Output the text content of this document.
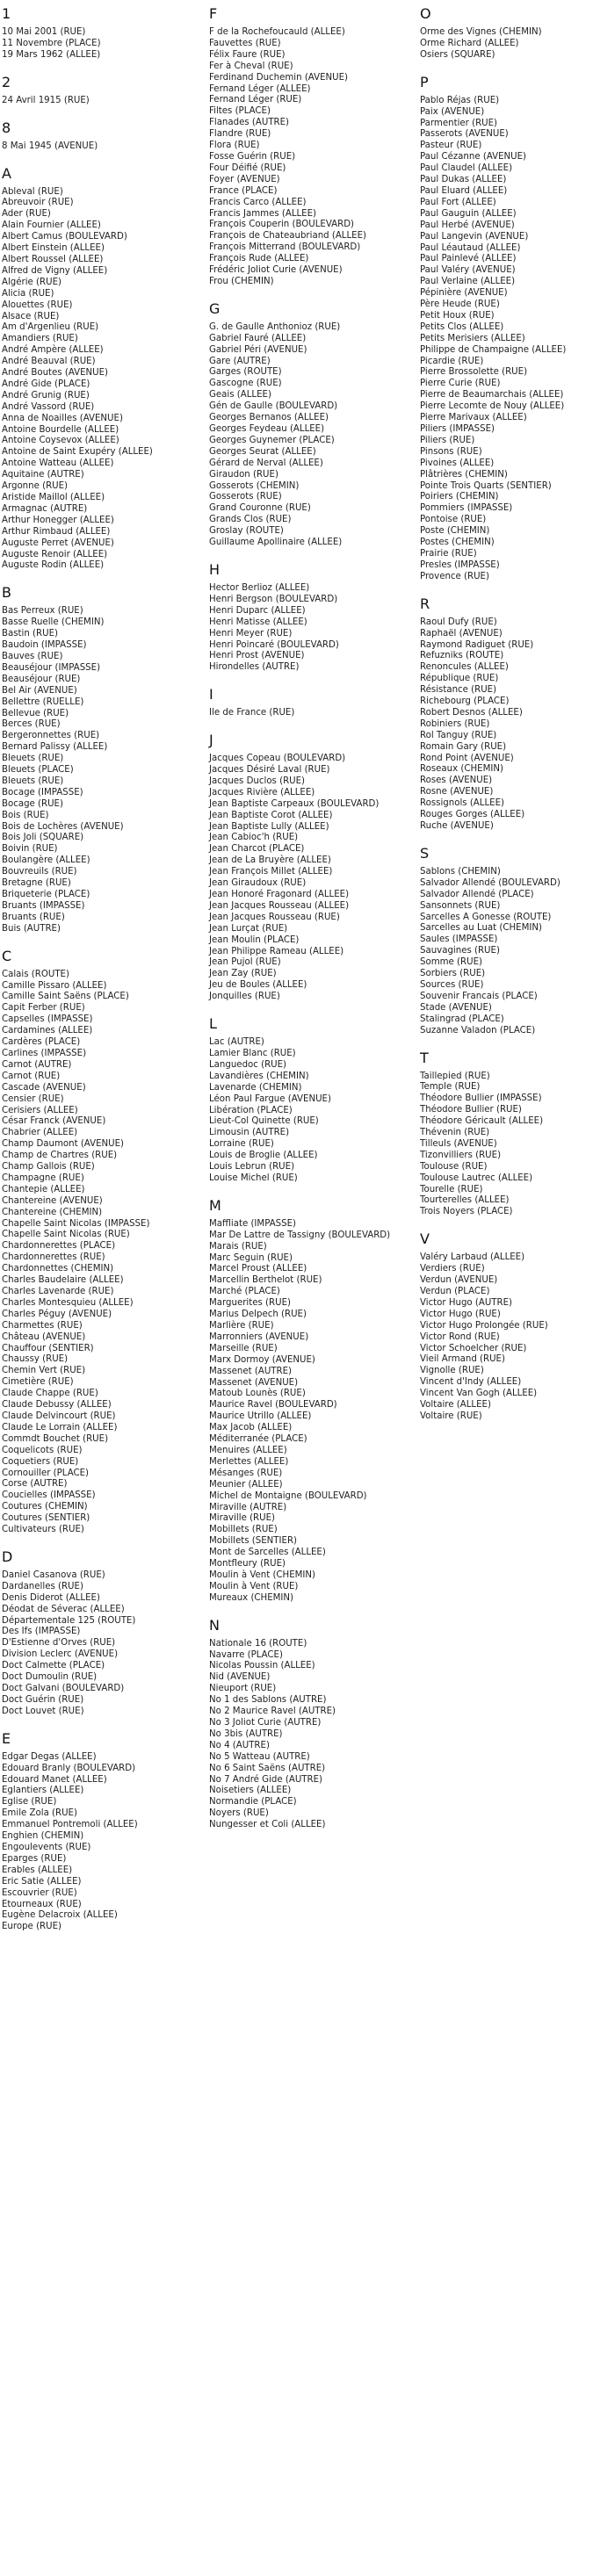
1
10 Mai 2001 (RUE)
11 Novembre (PLACE)
19 Mars 1962 (ALLEE)
2
24 Avril 1915 (RUE)
8
8 Mai 1945 (AVENUE)
A
Ableval (RUE)
Abreuvoir (RUE)
Ader (RUE)
Alain Fournier (ALLEE)
Albert Camus (BOULEVARD)
Albert Einstein (ALLEE)
Albert Roussel (ALLEE)
Alfred de Vigny (ALLEE)
Algérie (RUE)
Alicia (RUE)
Alouettes (RUE)
Alsace (RUE)
Am d'Argenlieu (RUE)
Amandiers (RUE)
André Ampère (ALLEE)
André Beauval (RUE)
André Boutes (AVENUE)
André Gide (PLACE)
André Grunig (RUE)
André Vassord (RUE)
Anna de Noailles (AVENUE)
Antoine Bourdelle (ALLEE)
Antoine Coysevox (ALLEE)
Antoine de Saint Exupéry (ALLEE)
Antoine Watteau (ALLEE)
Aquitaine (AUTRE)
Argonne (RUE)
Aristide Maillol (ALLEE)
Armagnac (AUTRE)
Arthur Honegger (ALLEE)
Arthur Rimbaud (ALLEE)
Auguste Perret (AVENUE)
Auguste Renoir (ALLEE)
Auguste Rodin (ALLEE)
B
Bas Perreux (RUE)
Basse Ruelle (CHEMIN)
Bastin (RUE)
Baudoin (IMPASSE)
Bauves (RUE)
Beauséjour (IMPASSE)
Beauséjour (RUE)
Bel Air (AVENUE)
Bellettre (RUELLE)
Bellevue (RUE)
Berces (RUE)
Bergeronnettes (RUE)
Bernard Palissy (ALLEE)
Bleuets (RUE)
Bleuets (PLACE)
Bleuets (RUE)
Bocage (IMPASSE)
Bocage (RUE)
Bois (RUE)
Bois de Lochères (AVENUE)
Bois Joli (SQUARE)
Boivin (RUE)
Boulangère (ALLEE)
Bouvreuils (RUE)
Bretagne (RUE)
Briqueterie (PLACE)
Bruants (IMPASSE)
Bruants (RUE)
Buis (AUTRE)
C
Calais (ROUTE)
Camille Pissaro (ALLEE)
Camille Saint Saëns (PLACE)
Capit Ferber (RUE)
Capselles (IMPASSE)
Cardamines (ALLEE)
Cardères (PLACE)
Carlines (IMPASSE)
Carnot (AUTRE)
Carnot (RUE)
Cascade (AVENUE)
Censier (RUE)
Cerisiers (ALLEE)
César Franck (AVENUE)
Chabrier (ALLEE)
Champ Daumont (AVENUE)
Champ de Chartres (RUE)
Champ Gallois (RUE)
Champagne (RUE)
Chantepie (ALLEE)
Chantereine (AVENUE)
Chantereine (CHEMIN)
Chapelle Saint Nicolas (IMPASSE)
Chapelle Saint Nicolas (RUE)
Chardonnerettes (PLACE)
Chardonnerettes (RUE)
Chardonnettes (CHEMIN)
Charles Baudelaire (ALLEE)
Charles Lavenarde (RUE)
Charles Montesquieu (ALLEE)
Charles Péguy (AVENUE)
Charmettes (RUE)
Château (AVENUE)
Chauffour (SENTIER)
Chaussy (RUE)
Chemin Vert (RUE)
Cimetière (RUE)
Claude Chappe (RUE)
Claude Debussy (ALLEE)
Claude Delvincourt (RUE)
Claude Le Lorrain (ALLEE)
Commdt Bouchet (RUE)
Coquelicots (RUE)
Coquetiers (RUE)
Cornouiller (PLACE)
Corse (AUTRE)
Coucielles (IMPASSE)
Coutures (CHEMIN)
Coutures (SENTIER)
Cultivateurs (RUE)
D
Daniel Casanova (RUE)
Dardanelles (RUE)
Denis Diderot (ALLEE)
Déodat de Séverac (ALLEE)
Départementale 125 (ROUTE)
Des Ifs (IMPASSE)
D'Estienne d'Orves (RUE)
Division Leclerc (AVENUE)
Doct Calmette (PLACE)
Doct Dumoulin (RUE)
Doct Galvani (BOULEVARD)
Doct Guérin (RUE)
Doct Louvet (RUE)
E
Edgar Degas (ALLEE)
Edouard Branly (BOULEVARD)
Edouard Manet (ALLEE)
Eglantiers (ALLEE)
Eglise (RUE)
Emile Zola (RUE)
Emmanuel Pontremoli (ALLEE)
Enghien (CHEMIN)
Engoulevents (RUE)
Eparges (RUE)
Erables (ALLEE)
Eric Satie (ALLEE)
Escouvrier (RUE)
Etourneaux (RUE)
Eugène Delacroix (ALLEE)
Europe (RUE)
F
F de la Rochefoucauld (ALLEE)
Fauvettes (RUE)
Félix Faure (RUE)
Fer à Cheval (RUE)
Ferdinand Duchemin (AVENUE)
Fernand Léger (ALLEE)
Fernand Léger (RUE)
Filtes (PLACE)
Flanades (AUTRE)
Flandre (RUE)
Flora (RUE)
Fosse Guérin (RUE)
Four Déifié (RUE)
Foyer (AVENUE)
France (PLACE)
Francis Carco (ALLEE)
Francis Jammes (ALLEE)
François Couperin (BOULEVARD)
François de Chateaubriand (ALLEE)
François Mitterrand (BOULEVARD)
François Rude (ALLEE)
Frédéric Joliot Curie (AVENUE)
Frou (CHEMIN)
G
G. de Gaulle Anthonioz (RUE)
Gabriel Fauré (ALLEE)
Gabriel Péri (AVENUE)
Gare (AUTRE)
Garges (ROUTE)
Gascogne (RUE)
Geais (ALLEE)
Gén de Gaulle (BOULEVARD)
Georges Bernanos (ALLEE)
Georges Feydeau (ALLEE)
Georges Guynemer (PLACE)
Georges Seurat (ALLEE)
Gérard de Nerval (ALLEE)
Giraudon (RUE)
Gosserots (CHEMIN)
Gosserots (RUE)
Grand Couronne (RUE)
Grands Clos (RUE)
Groslay (ROUTE)
Guillaume Apollinaire (ALLEE)
H
Hector Berlioz (ALLEE)
Henri Bergson (BOULEVARD)
Henri Duparc (ALLEE)
Henri Matisse (ALLEE)
Henri Meyer (RUE)
Henri Poincaré (BOULEVARD)
Henri Prost (AVENUE)
Hirondelles (AUTRE)
I
Ile de France (RUE)
J
Jacques Copeau (BOULEVARD)
Jacques Désiré Laval (RUE)
Jacques Duclos (RUE)
Jacques Rivière (ALLEE)
Jean Baptiste Carpeaux (BOULEVARD)
Jean Baptiste Corot (ALLEE)
Jean Baptiste Lully (ALLEE)
Jean Cabioc'h (RUE)
Jean Charcot (PLACE)
Jean de La Bruyère (ALLEE)
Jean François Millet (ALLEE)
Jean Giraudoux (RUE)
Jean Honoré Fragonard (ALLEE)
Jean Jacques Rousseau (ALLEE)
Jean Jacques Rousseau (RUE)
Jean Lurçat (RUE)
Jean Moulin (PLACE)
Jean Philippe Rameau (ALLEE)
Jean Pujol (RUE)
Jean Zay (RUE)
Jeu de Boules (ALLEE)
Jonquilles (RUE)
L
Lac (AUTRE)
Lamier Blanc (RUE)
Languedoc (RUE)
Lavandières (CHEMIN)
Lavenarde (CHEMIN)
Léon Paul Fargue (AVENUE)
Libération (PLACE)
Lieut-Col Quinette (RUE)
Limousin (AUTRE)
Lorraine (RUE)
Louis de Broglie (ALLEE)
Louis Lebrun (RUE)
Louise Michel (RUE)
M
Maffliate (IMPASSE)
Mar De Lattre de Tassigny (BOULEVARD)
Marais (RUE)
Marc Seguin (RUE)
Marcel Proust (ALLEE)
Marcellin Berthelot (RUE)
Marché (PLACE)
Marguerites (RUE)
Marius Delpech (RUE)
Marlière (RUE)
Marronniers (AVENUE)
Marseille (RUE)
Marx Dormoy (AVENUE)
Massenet (AUTRE)
Massenet (AVENUE)
Matoub Lounès (RUE)
Maurice Ravel (BOULEVARD)
Maurice Utrillo (ALLEE)
Max Jacob (ALLEE)
Méditerranée (PLACE)
Menuires (ALLEE)
Merlettes (ALLEE)
Mésanges (RUE)
Meunier (ALLEE)
Michel de Montaigne (BOULEVARD)
Miraville (AUTRE)
Miraville (RUE)
Mobillets (RUE)
Mobillets (SENTIER)
Mont de Sarcelles (ALLEE)
Montfleury (RUE)
Moulin à Vent (CHEMIN)
Moulin à Vent (RUE)
Mureaux (CHEMIN)
N
Nationale 16 (ROUTE)
Navarre (PLACE)
Nicolas Poussin (ALLEE)
Nid (AVENUE)
Nieuport (RUE)
No 1 des Sablons (AUTRE)
No 2 Maurice Ravel (AUTRE)
No 3 Joliot Curie (AUTRE)
No 3bis (AUTRE)
No 4 (AUTRE)
No 5 Watteau (AUTRE)
No 6 Saint Saëns (AUTRE)
No 7 André Gide (AUTRE)
Noisetiers (ALLEE)
Normandie (PLACE)
Noyers (RUE)
Nungesser et Coli (ALLEE)
O
Orme des Vignes (CHEMIN)
Orme Richard (ALLEE)
Osiers (SQUARE)
P
Pablo Réjas (RUE)
Paix (AVENUE)
Parmentier (RUE)
Passerots (AVENUE)
Pasteur (RUE)
Paul Cézanne (AVENUE)
Paul Claudel (ALLEE)
Paul Dukas (ALLEE)
Paul Eluard (ALLEE)
Paul Fort (ALLEE)
Paul Gauguin (ALLEE)
Paul Herbé (AVENUE)
Paul Langevin (AVENUE)
Paul Léautaud (ALLEE)
Paul Painlevé (ALLEE)
Paul Valéry (AVENUE)
Paul Verlaine (ALLEE)
Pépinière (AVENUE)
Père Heude (RUE)
Petit Houx (RUE)
Petits Clos (ALLEE)
Petits Merisiers (ALLEE)
Philippe de Champaigne (ALLEE)
Picardie (RUE)
Pierre Brossolette (RUE)
Pierre Curie (RUE)
Pierre de Beaumarchais (ALLEE)
Pierre Lecomte de Nouy (ALLEE)
Pierre Marivaux (ALLEE)
Piliers (IMPASSE)
Piliers (RUE)
Pinsons (RUE)
Pivoines (ALLEE)
Plâtrières (CHEMIN)
Pointe Trois Quarts (SENTIER)
Poiriers (CHEMIN)
Pommiers (IMPASSE)
Pontoise (RUE)
Poste (CHEMIN)
Postes (CHEMIN)
Prairie (RUE)
Presles (IMPASSE)
Provence (RUE)
R
Raoul Dufy (RUE)
Raphaël (AVENUE)
Raymond Radiguet (RUE)
Refuzniks (ROUTE)
Renoncules (ALLEE)
République (RUE)
Résistance (RUE)
Richebourg (PLACE)
Robert Desnos (ALLEE)
Robiniers (RUE)
Rol Tanguy (RUE)
Romain Gary (RUE)
Rond Point (AVENUE)
Roseaux (CHEMIN)
Roses (AVENUE)
Rosne (AVENUE)
Rossignols (ALLEE)
Rouges Gorges (ALLEE)
Ruche (AVENUE)
S
Sablons (CHEMIN)
Salvador Allendé (BOULEVARD)
Salvador Allendé (PLACE)
Sansonnets (RUE)
Sarcelles A Gonesse (ROUTE)
Sarcelles au Luat (CHEMIN)
Saules (IMPASSE)
Sauvagines (RUE)
Somme (RUE)
Sorbiers (RUE)
Sources (RUE)
Souvenir Francais (PLACE)
Stade (AVENUE)
Stalingrad (PLACE)
Suzanne Valadon (PLACE)
T
Taillepied (RUE)
Temple (RUE)
Théodore Bullier (IMPASSE)
Théodore Bullier (RUE)
Théodore Géricault (ALLEE)
Thévenin (RUE)
Tilleuls (AVENUE)
Tizonvilliers (RUE)
Toulouse (RUE)
Toulouse Lautrec (ALLEE)
Tourelle (RUE)
Tourterelles (ALLEE)
Trois Noyers (PLACE)
V
Valéry Larbaud (ALLEE)
Verdiers (RUE)
Verdun (AVENUE)
Verdun (PLACE)
Victor Hugo (AUTRE)
Victor Hugo (RUE)
Victor Hugo Prolongée (RUE)
Victor Rond (RUE)
Victor Schoelcher (RUE)
Vieil Armand (RUE)
Vignolle (RUE)
Vincent d'Indy (ALLEE)
Vincent Van Gogh (ALLEE)
Voltaire (ALLEE)
Voltaire (RUE)
